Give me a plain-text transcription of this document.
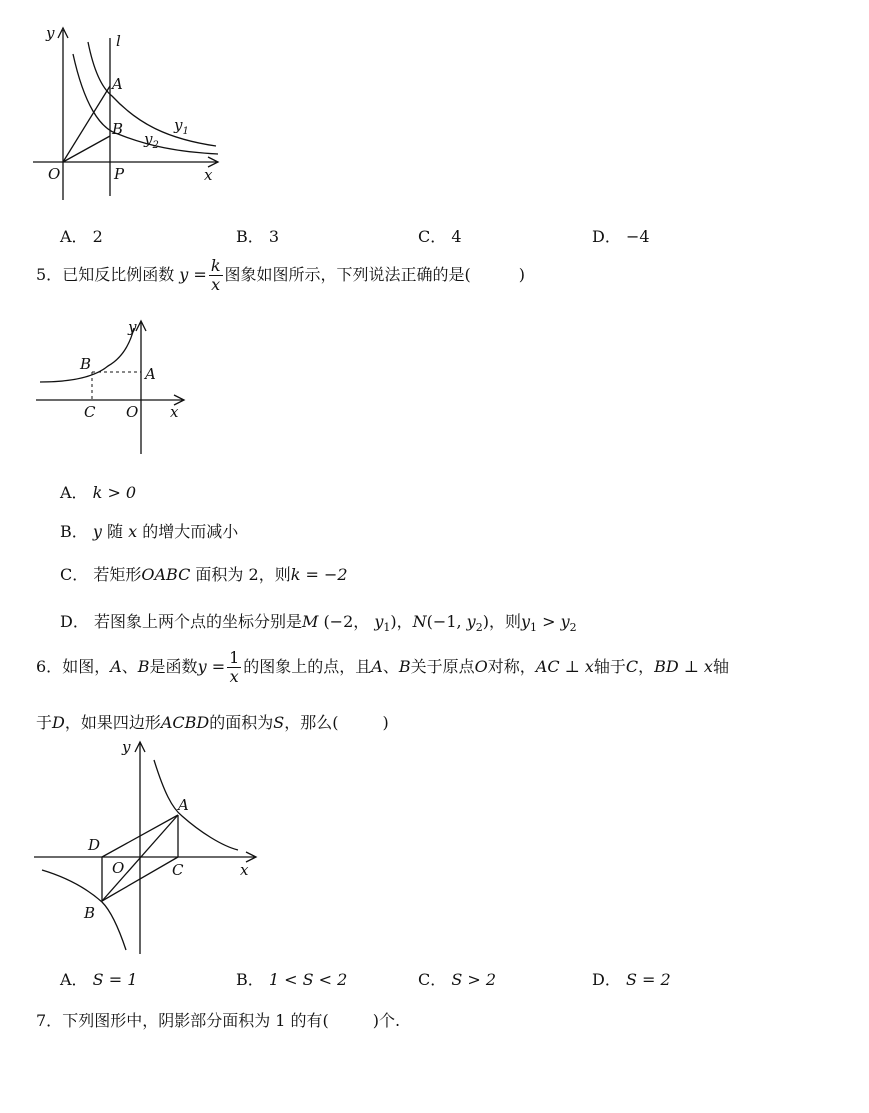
y	l
A
B	$y_1$
$y_2$
O	P	x
A． 2	B． 3	C． 4	D． −4
5．已知反比例函数 $y = \frac{k}{x}$ 图象如图所示，下列说法正确的是(	)
y
B
A
C O x
A． k > 0
B． y 随 x 的增大而减小
C． 若矩形OABC 面积为 2，则k = −2
D． 若图象上两个点的坐标分别是M (−2， $y_1$)，N(−1, $y_2$)，则$y_1 > y_2$
6．如图，A、B是函数$y = \frac{1}{x}$ 的图象上的点，且A、B关于原点O对称，AC ⊥ x轴于C，BD ⊥ x轴
于D，如果四边形ACBD的面积为S，那么(	)
y
A
D
O	C	x
B
A． S = 1	B． 1 < S < 2	C． S > 2	D． S = 2
7．下列图形中，阴影部分面积为 1 的有(	)个.
